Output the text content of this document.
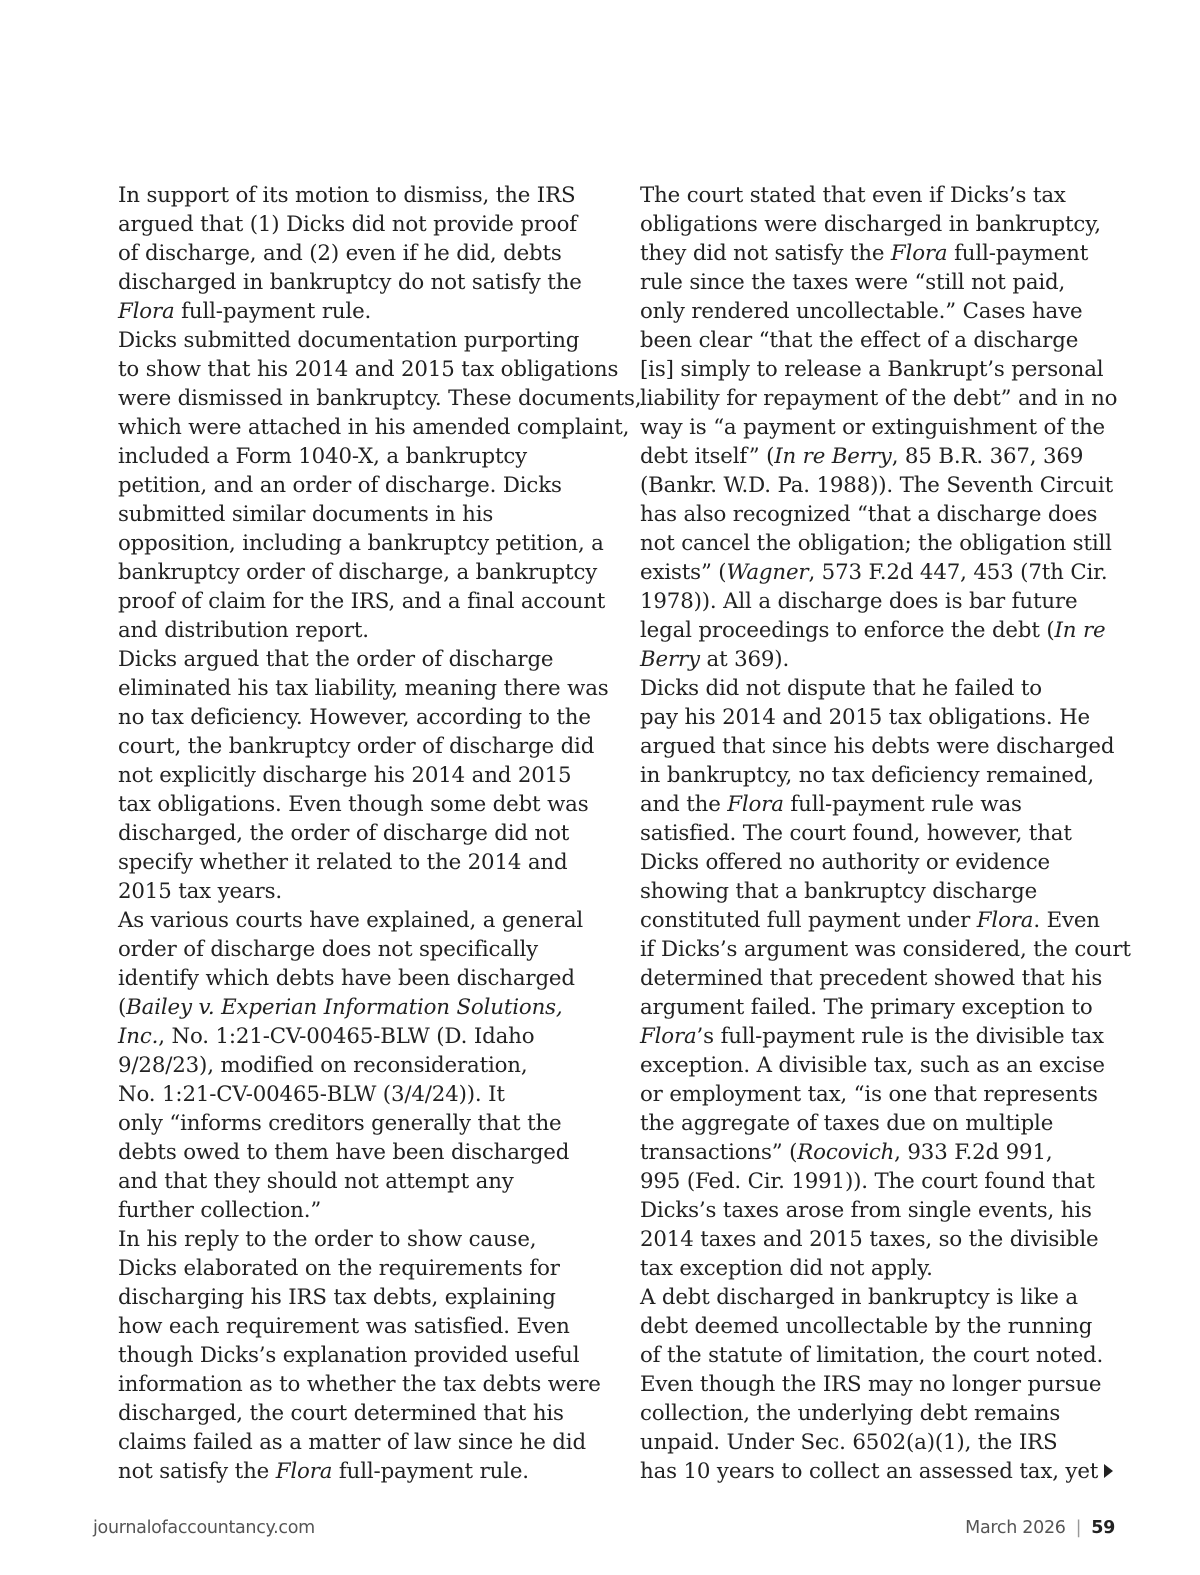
In support of its motion to dismiss, the IRS
argued that (1) Dicks did not provide proof
of discharge, and (2) even if he did, debts
discharged in bankruptcy do not satisfy the
Flora full-payment rule.

Dicks submitted documentation purporting
to show that his 2014 and 2015 tax obligations
were dismissed in bankruptcy. These documents,
which were attached in his amended complaint,
included a Form 1040-X, a bankruptcy
petition, and an order of discharge. Dicks
submitted similar documents in his
opposition, including a bankruptcy petition, a
bankruptcy order of discharge, a bankruptcy
proof of claim for the IRS, and a final account
and distribution report.

Dicks argued that the order of discharge
eliminated his tax liability, meaning there was
no tax deficiency. However, according to the
court, the bankruptcy order of discharge did
not explicitly discharge his 2014 and 2015
tax obligations. Even though some debt was
discharged, the order of discharge did not
specify whether it related to the 2014 and
2015 tax years.

As various courts have explained, a general
order of discharge does not specifically
identify which debts have been discharged
(Bailey v. Experian Information Solutions,
Inc., No. 1:21-CV-00465-BLW (D. Idaho
9/28/23), modified on reconsideration,
No. 1:21-CV-00465-BLW (3/4/24)). It
only “informs creditors generally that the
debts owed to them have been discharged
and that they should not attempt any
further collection.”

In his reply to the order to show cause,
Dicks elaborated on the requirements for
discharging his IRS tax debts, explaining
how each requirement was satisfied. Even
though Dicks’s explanation provided useful
information as to whether the tax debts were
discharged, the court determined that his
claims failed as a matter of law since he did
not satisfy the Flora full-payment rule.

The court stated that even if Dicks’s tax
obligations were discharged in bankruptcy,
they did not satisfy the Flora full-payment
rule since the taxes were “still not paid,
only rendered uncollectable.” Cases have
been clear “that the effect of a discharge
[is] simply to release a Bankrupt’s personal
liability for repayment of the debt” and in no
way is “a payment or extinguishment of the
debt itself” (In re Berry, 85 B.R. 367, 369
(Bankr. W.D. Pa. 1988)). The Seventh Circuit
has also recognized “that a discharge does
not cancel the obligation; the obligation still
exists” (Wagner, 573 F.2d 447, 453 (7th Cir.
1978)). All a discharge does is bar future
legal proceedings to enforce the debt (In re
Berry at 369).

Dicks did not dispute that he failed to
pay his 2014 and 2015 tax obligations. He
argued that since his debts were discharged
in bankruptcy, no tax deficiency remained,
and the Flora full-payment rule was
satisfied. The court found, however, that
Dicks offered no authority or evidence
showing that a bankruptcy discharge
constituted full payment under Flora. Even
if Dicks’s argument was considered, the court
determined that precedent showed that his
argument failed. The primary exception to
Flora’s full-payment rule is the divisible tax
exception. A divisible tax, such as an excise
or employment tax, “is one that represents
the aggregate of taxes due on multiple
transactions” (Rocovich, 933 F.2d 991,
995 (Fed. Cir. 1991)). The court found that
Dicks’s taxes arose from single events, his
2014 taxes and 2015 taxes, so the divisible
tax exception did not apply.

A debt discharged in bankruptcy is like a
debt deemed uncollectable by the running
of the statute of limitation, the court noted.
Even though the IRS may no longer pursue
collection, the underlying debt remains
unpaid. Under Sec. 6502(a)(1), the IRS
has 10 years to collect an assessed tax, yet

journalofaccountancy.com	March 2026 | 59
